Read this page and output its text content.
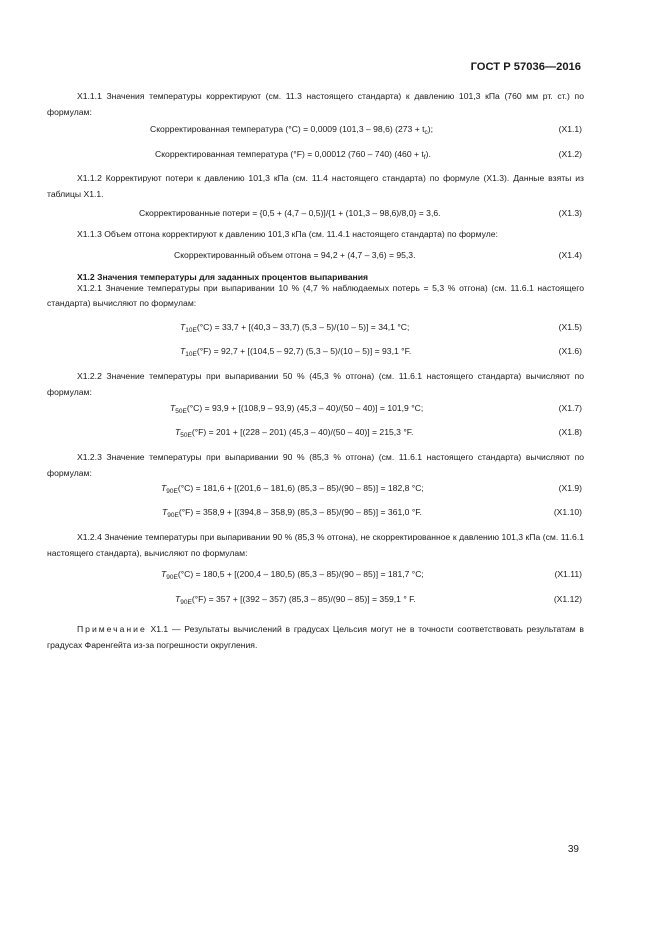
ГОСТ Р 57036—2016
X1.1.1 Значения температуры корректируют (см. 11.3 настоящего стандарта) к давлению 101,3 кПа (760 мм рт. ст.) по формулам:
Скорректированная температура (°C) = 0,0009 (101,3 – 98,6) $(273 + t_c)$;	(X1.1)
Скорректированная температура (°F) = 0,00012 (760 – 740) $(460 + t_f)$.	(X1.2)
X1.1.2 Корректируют потери к давлению 101,3 кПа (см. 11.4 настоящего стандарта) по формуле (X1.3). Данные взяты из таблицы X1.1.
Скорректированные потери = {0,5 + (4,7 – 0,5)]/{1 + (101,3 – 98,6)/8,0} = 3,6.	(X1.3)
X1.1.3 Объем отгона корректируют к давлению 101,3 кПа (см. 11.4.1 настоящего стандарта) по формуле:
Скорректированный объем отгона = 94,2 + (4,7 – 3,6) = 95,3.	(X1.4)
X1.2 Значения температуры для заданных процентов выпаривания
X1.2.1 Значение температуры при выпаривании 10 % (4,7 % наблюдаемых потерь = 5,3 % отгона) (см. 11.6.1 настоящего стандарта) вычисляют по формулам:
$T_{10E}(^\circ C) = 33,7 + [(40,3 - 33,7)$ (5,3 – 5)/(10 – 5)] = 34,1 °C;	(X1.5)
$T_{10E}(^\circ F) = 92,7 + [(104,5 - 92,7)$ (5,3 – 5)/(10 – 5)] = 93,1 °F.	(X1.6)
X1.2.2 Значение температуры при выпаривании 50 % (45,3 % отгона) (см. 11.6.1 настоящего стандарта) вычисляют по формулам:
$T_{50E}(^\circ C) = 93,9 + [(108,9 - 93,9)$ (45,3 – 40)/(50 – 40)] = 101,9 °C;	(X1.7)
$T_{50E}(^\circ F) = 201 + [(228 - 201)$ (45,3 – 40)/(50 – 40)] = 215,3 °F.	(X1.8)
X1.2.3 Значение температуры при выпаривании 90 % (85,3 % отгона) (см. 11.6.1 настоящего стандарта) вычисляют по формулам:
$T_{90E}(^\circ C) = 181,6 + [(201,6 - 181,6)$ (85,3 – 85)/(90 – 85)] = 182,8 °C;	(X1.9)
$T_{90E}(^\circ F) = 358,9 + [(394,8 - 358,9)$ (85,3 – 85)/(90 – 85)] = 361,0 °F.	(X1.10)
X1.2.4 Значение температуры при выпаривании 90 % (85,3 % отгона), не скорректированное к давлению 101,3 кПа (см. 11.6.1 настоящего стандарта), вычисляют по формулам:
$T_{90E}(^\circ C) = 180,5 + [(200,4 - 180,5)$ (85,3 – 85)/(90 – 85)] = 181,7 °C;	(X1.11)
$T_{90E}(^\circ F) = 357 + [(392 - 357)$ (85,3 – 85)/(90 – 85)] = 359,1 ° F.	(X1.12)
Примечание X1.1 — Результаты вычислений в градусах Цельсия могут не в точности соответствовать результатам в градусах Фаренгейта из-за погрешности округления.
39
